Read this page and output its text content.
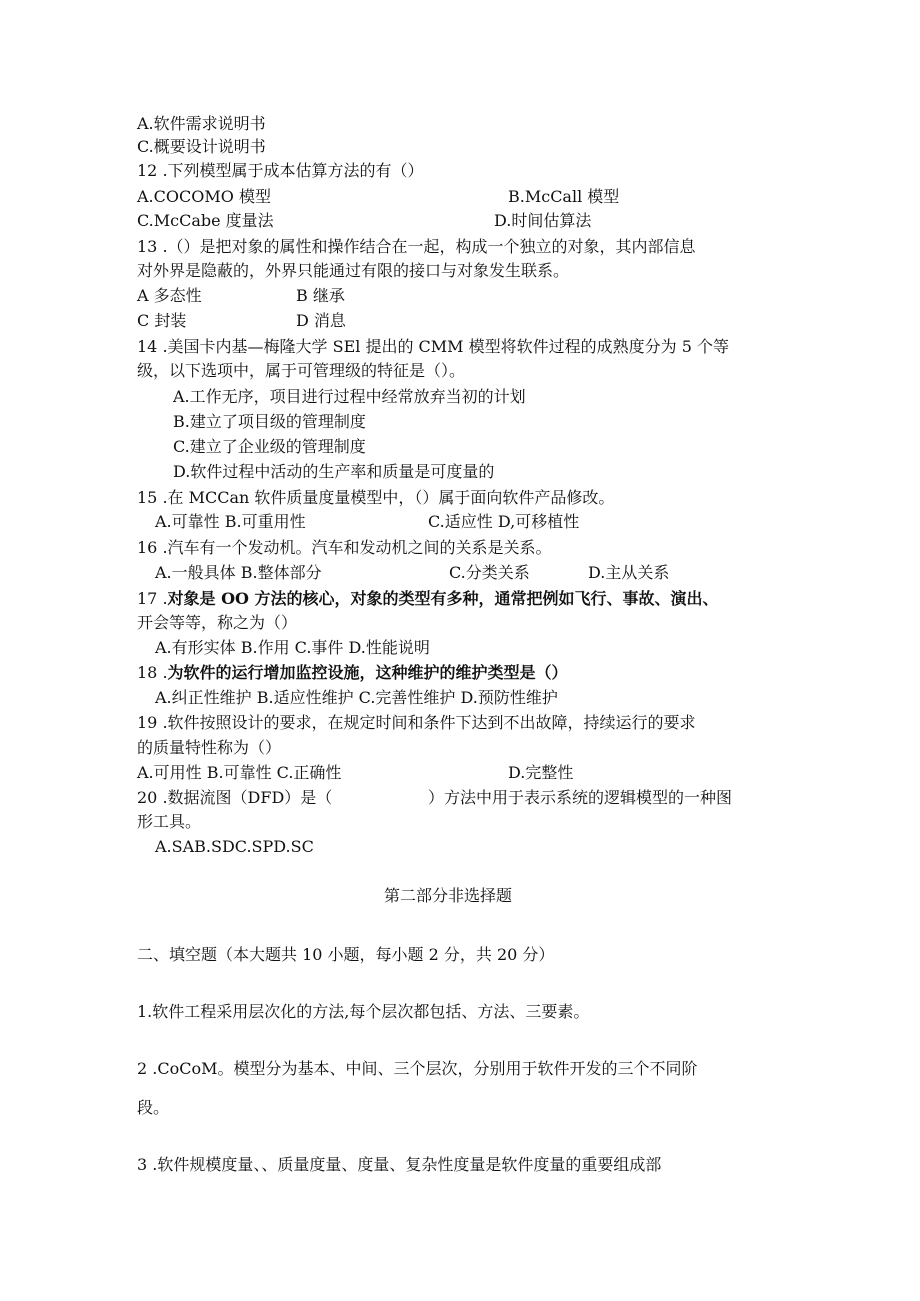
A.软件需求说明书
C.概要设计说明书
12 .下列模型属于成本估算方法的有（）
A.COCOMO 模型	B.McCall 模型
C.McCabe 度量法	D.时间估算法
13 .（）是把对象的属性和操作结合在一起，构成一个独立的对象，其内部信息
对外界是隐蔽的，外界只能通过有限的接口与对象发生联系。
A 多态性	B 继承
C 封装	D 消息
14 .美国卡内基—梅隆大学 SEl 提出的 CMM 模型将软件过程的成熟度分为 5 个等
级，以下选项中，属于可管理级的特征是（）。
A.工作无序，项目进行过程中经常放弃当初的计划
B.建立了项目级的管理制度
C.建立了企业级的管理制度
D.软件过程中活动的生产率和质量是可度量的
15 .在 MCCan 软件质量度量模型中，（）属于面向软件产品修改。
A.可靠性 B.可重用性	C.适应性 D,可移植性
16 .汽车有一个发动机。汽车和发动机之间的关系是关系。
A.一般具体 B.整体部分	C.分类关系	D.主从关系
17 .对象是 OO 方法的核心，对象的类型有多种，通常把例如飞行、事故、演出、
开会等等，称之为（）
A.有形实体 B.作用 C.事件 D.性能说明
18 .为软件的运行增加监控设施，这种维护的维护类型是（）
A.纠正性维护 B.适应性维护 C.完善性维护 D.预防性维护
19 .软件按照设计的要求，在规定时间和条件下达到不出故障，持续运行的要求
的质量特性称为（）
A.可用性 B.可靠性 C.正确性	D.完整性
20 .数据流图（DFD）是（	）方法中用于表示系统的逻辑模型的一种图
形工具。
A.SAB.SDC.SPD.SC
第二部分非选择题
二、填空题（本大题共 10 小题，每小题 2 分，共 20 分）
1.软件工程采用层次化的方法,每个层次都包括、方法、三要素。
2 .CoCoM。模型分为基本、中间、三个层次，分别用于软件开发的三个不同阶
段。
3 .软件规模度量、、质量度量、度量、复杂性度量是软件度量的重要组成部
